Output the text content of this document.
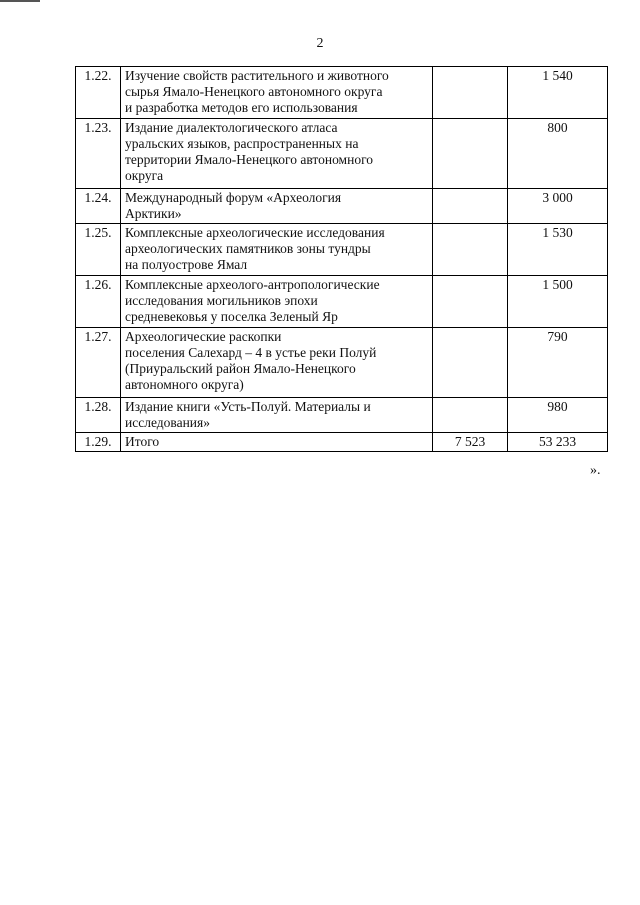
2
1.22.	Изучение свойств растительного и животного
сырья Ямало-Ненецкого автономного округа
и разработка методов его использования		1 540
1.23.	Издание диалектологического атласа
уральских языков, распространенных на
территории Ямало-Ненецкого автономного
округа		800
1.24.	Международный форум «Археология
Арктики»		3 000
1.25.	Комплексные археологические исследования
археологических памятников зоны тундры
на полуострове Ямал		1 530
1.26.	Комплексные археолого-антропологические
исследования могильников эпохи
средневековья у поселка Зеленый Яр		1 500
1.27.	Археологические раскопки
поселения Салехард – 4 в устье реки Полуй
(Приуральский район Ямало-Ненецкого
автономного округа)		790
1.28.	Издание книги «Усть-Полуй. Материалы и
исследования»		980
1.29.	Итого	7 523	53 233
».
